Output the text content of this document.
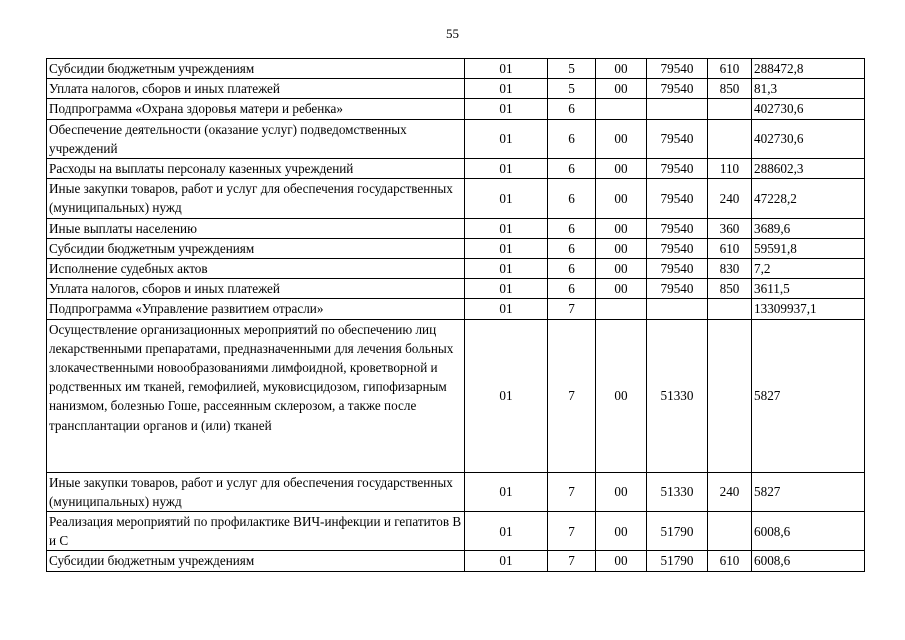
55
Субсидии бюджетным учреждениям	01	5	00	79540	610	288472,8
Уплата налогов, сборов и иных платежей	01	5	00	79540	850	81,3
Подпрограмма «Охрана здоровья матери и ребенка»	01	6				402730,6
Обеспечение деятельности (оказание услуг) подведомственных учреждений	01	6	00	79540		402730,6
Расходы на выплаты персоналу казенных учреждений	01	6	00	79540	110	288602,3
Иные закупки товаров, работ и услуг для обеспечения государственных (муниципальных) нужд	01	6	00	79540	240	47228,2
Иные выплаты населению	01	6	00	79540	360	3689,6
Субсидии бюджетным учреждениям	01	6	00	79540	610	59591,8
Исполнение судебных актов	01	6	00	79540	830	7,2
Уплата налогов, сборов и иных платежей	01	6	00	79540	850	3611,5
Подпрограмма «Управление развитием отрасли»	01	7				13309937,1
Осуществление организационных мероприятий по обеспечению лиц лекарственными препаратами, предназначенными для лечения больных злокачественными новообразованиями лимфоидной, кроветворной и родственных им тканей, гемофилией, муковисцидозом, гипофизарным нанизмом, болезнью Гоше, рассеянным склерозом, а также после трансплантации органов и (или) тканей	01	7	00	51330		5827
Иные закупки товаров, работ и услуг для обеспечения государственных (муниципальных) нужд	01	7	00	51330	240	5827
Реализация мероприятий по профилактике ВИЧ-инфекции и гепатитов В и С	01	7	00	51790		6008,6
Субсидии бюджетным учреждениям	01	7	00	51790	610	6008,6
